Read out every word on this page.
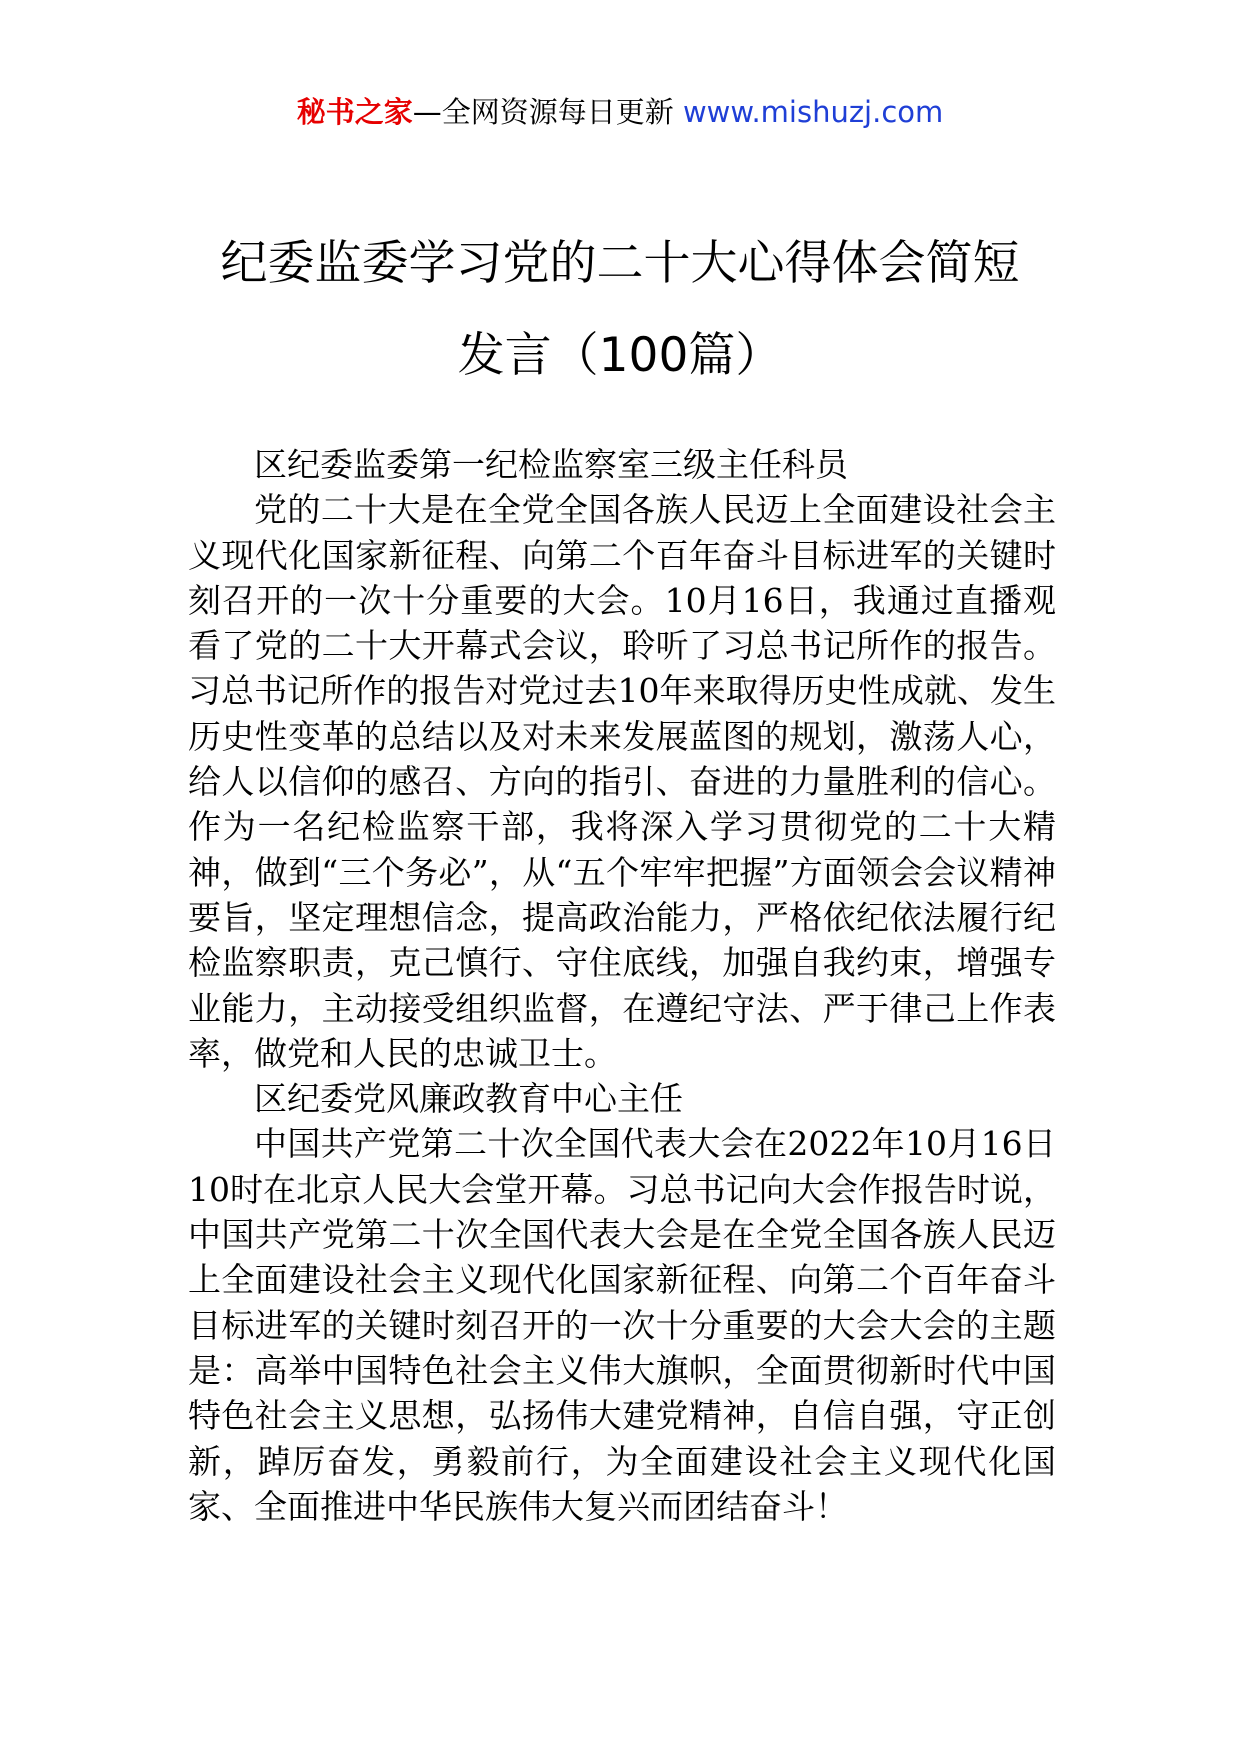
秘书之家—全网资源每日更新 www.mishuzj.com
纪委监委学习党的二十大心得体会简短
发言（100篇）

区纪委监委第一纪检监察室三级主任科员

党的二十大是在全党全国各族人民迈上全面建设社会主义现代化国家新征程、向第二个百年奋斗目标进军的关键时刻召开的一次十分重要的大会。10月16日，我通过直播观看了党的二十大开幕式会议，聆听了习总书记所作的报告。习总书记所作的报告对党过去10年来取得历史性成就、发生历史性变革的总结以及对未来发展蓝图的规划，激荡人心，给人以信仰的感召、方向的指引、奋进的力量胜利的信心。作为一名纪检监察干部，我将深入学习贯彻党的二十大精神，做到“三个务必”，从“五个牢牢把握”方面领会会议精神要旨，坚定理想信念，提高政治能力，严格依纪依法履行纪检监察职责，克己慎行、守住底线，加强自我约束，增强专业能力，主动接受组织监督，在遵纪守法、严于律己上作表率，做党和人民的忠诚卫士。

区纪委党风廉政教育中心主任

中国共产党第二十次全国代表大会在2022年10月16日10时在北京人民大会堂开幕。习总书记向大会作报告时说，中国共产党第二十次全国代表大会是在全党全国各族人民迈上全面建设社会主义现代化国家新征程、向第二个百年奋斗目标进军的关键时刻召开的一次十分重要的大会大会的主题是：高举中国特色社会主义伟大旗帜，全面贯彻新时代中国特色社会主义思想，弘扬伟大建党精神，自信自强，守正创新，踔厉奋发，勇毅前行，为全面建设社会主义现代化国家、全面推进中华民族伟大复兴而团结奋斗！
